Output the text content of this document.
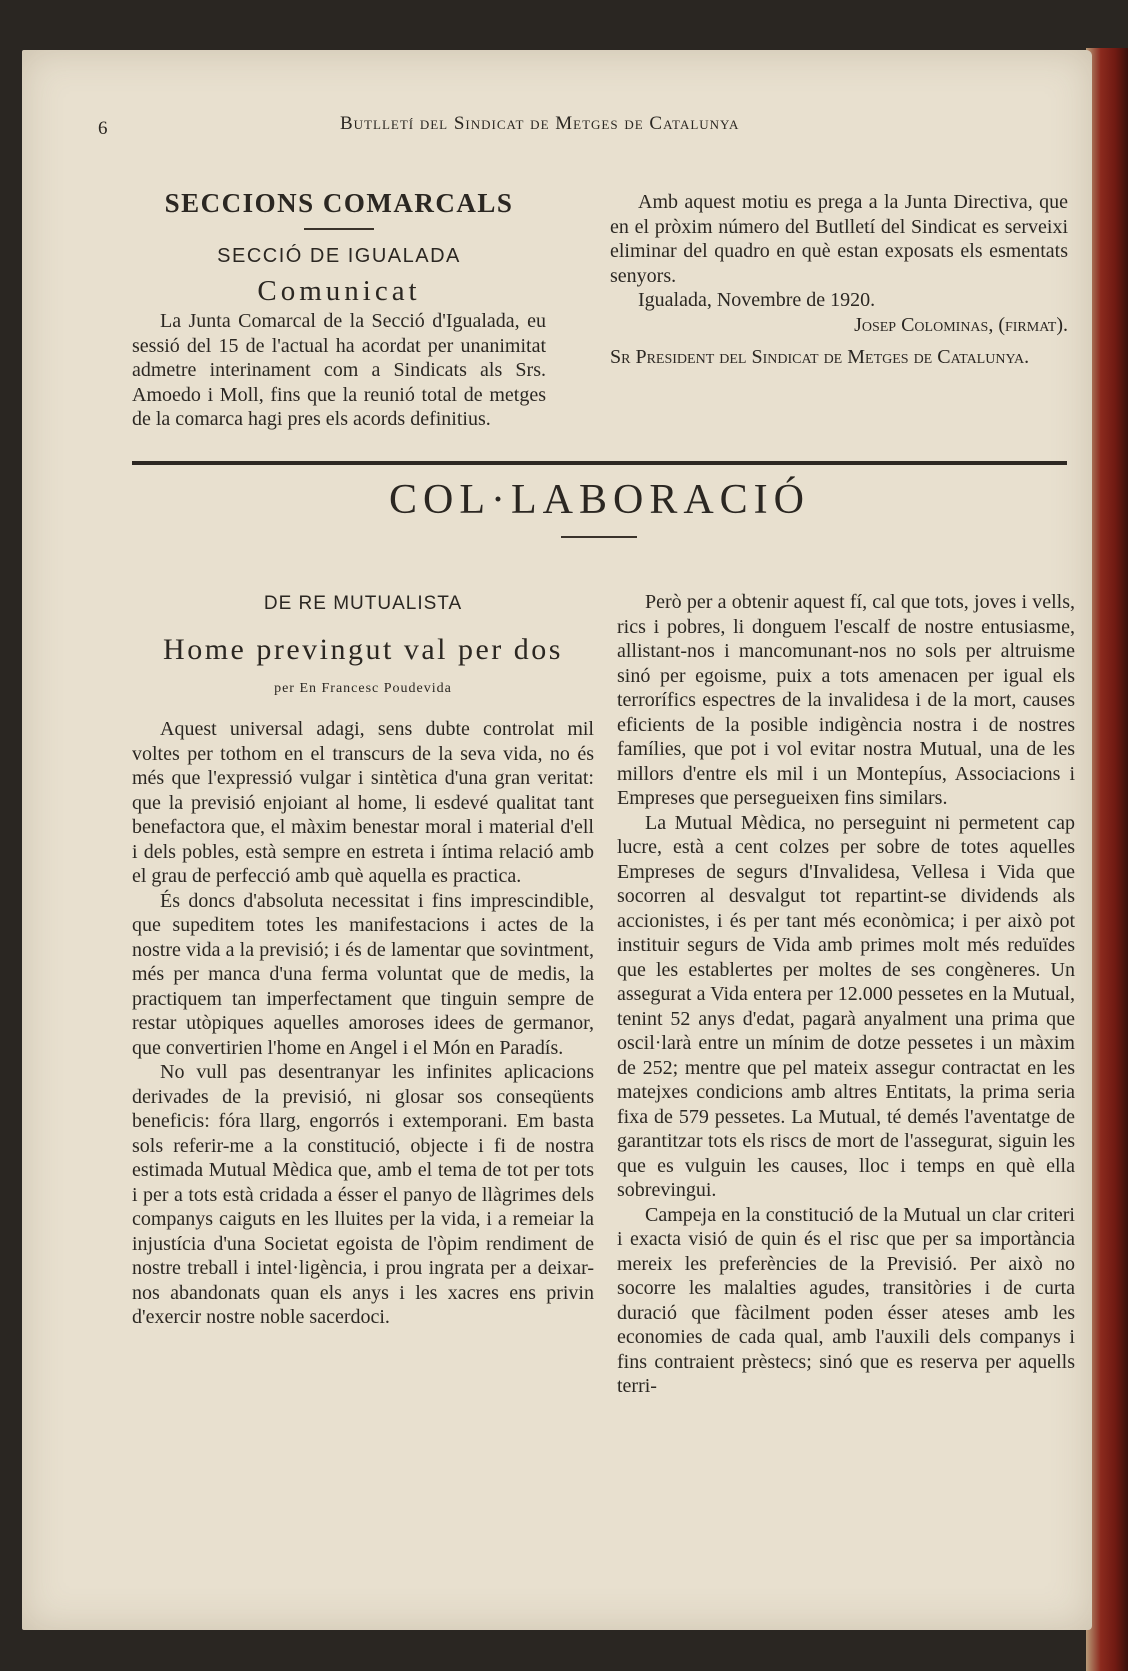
6	Butlletí del Sindicat de Metges de Catalunya
SECCIONS COMARCALS
SECCIÓ DE IGUALADA
Comunicat

La Junta Comarcal de la Secció d'Igualada, eu sessió del 15 de l'actual ha acordat per unanimitat admetre interinament com a Sindicats als Srs. Amoedo i Moll, fins que la reunió total de metges de la comarca hagi pres els acords definitius.

Amb aquest motiu es prega a la Junta Directiva, que en el pròxim número del Butlletí del Sindicat es serveixi eliminar del quadro en què estan exposats els esmentats senyors.

Igualada, Novembre de 1920.

Josep Colominas, (firmat).

Sr President del Sindicat de Metges de Catalunya.

COL·LABORACIÓ
DE RE MUTUALISTA
Home previngut val per dos
per En Francesc Poudevida

Aquest universal adagi, sens dubte controlat mil voltes per tothom en el transcurs de la seva vida, no és més que l'expressió vulgar i sintètica d'una gran veritat: que la previsió enjoiant al home, li esdevé qualitat tant benefactora que, el màxim benestar moral i material d'ell i dels pobles, està sempre en estreta i íntima relació amb el grau de perfecció amb què aquella es practica.

És doncs d'absoluta necessitat i fins imprescindible, que supeditem totes les manifestacions i actes de la nostre vida a la previsió; i és de lamentar que sovintment, més per manca d'una ferma voluntat que de medis, la practiquem tan imperfectament que tinguin sempre de restar utòpiques aquelles amoroses idees de germanor, que convertirien l'home en Angel i el Món en Paradís.

No vull pas desentranyar les infinites aplicacions derivades de la previsió, ni glosar sos conseqüents beneficis: fóra llarg, engorrós i extemporani. Em basta sols referir-me a la constitució, objecte i fi de nostra estimada Mutual Mèdica que, amb el tema de tot per tots i per a tots està cridada a ésser el panyo de llàgrimes dels companys caiguts en les lluites per la vida, i a remeiar la injustícia d'una Societat egoista de l'òpim rendiment de nostre treball i intel·ligència, i prou ingrata per a deixar-nos abandonats quan els anys i les xacres ens privin d'exercir nostre noble sacerdoci.

Però per a obtenir aquest fí, cal que tots, joves i vells, rics i pobres, li donguem l'escalf de nostre entusiasme, allistant-nos i mancomunant-nos no sols per altruisme sinó per egoisme, puix a tots amenacen per igual els terrorífics espectres de la invalidesa i de la mort, causes eficients de la posible indigència nostra i de nostres famílies, que pot i vol evitar nostra Mutual, una de les millors d'entre els mil i un Montepíus, Associacions i Empreses que persegueixen fins similars.

La Mutual Mèdica, no perseguint ni permetent cap lucre, està a cent colzes per sobre de totes aquelles Empreses de segurs d'Invalidesa, Vellesa i Vida que socorren al desvalgut tot repartint-se dividends als accionistes, i és per tant més econòmica; i per això pot instituir segurs de Vida amb primes molt més reduïdes que les establertes per moltes de ses congèneres. Un assegurat a Vida entera per 12.000 pessetes en la Mutual, tenint 52 anys d'edat, pagarà anyalment una prima que oscil·larà entre un mínim de dotze pessetes i un màxim de 252; mentre que pel mateix assegur contractat en les matejxes condicions amb altres Entitats, la prima seria fixa de 579 pessetes. La Mutual, té demés l'aventatge de garantitzar tots els riscs de mort de l'assegurat, siguin les que es vulguin les causes, lloc i temps en què ella sobrevingui.

Campeja en la constitució de la Mutual un clar criteri i exacta visió de quin és el risc que per sa importància mereix les preferències de la Previsió. Per això no socorre les malalties agudes, transitòries i de curta duració que fàcilment poden ésser ateses amb les economies de cada qual, amb l'auxili dels companys i fins contraient prèstecs; sinó que es reserva per aquells terri-
